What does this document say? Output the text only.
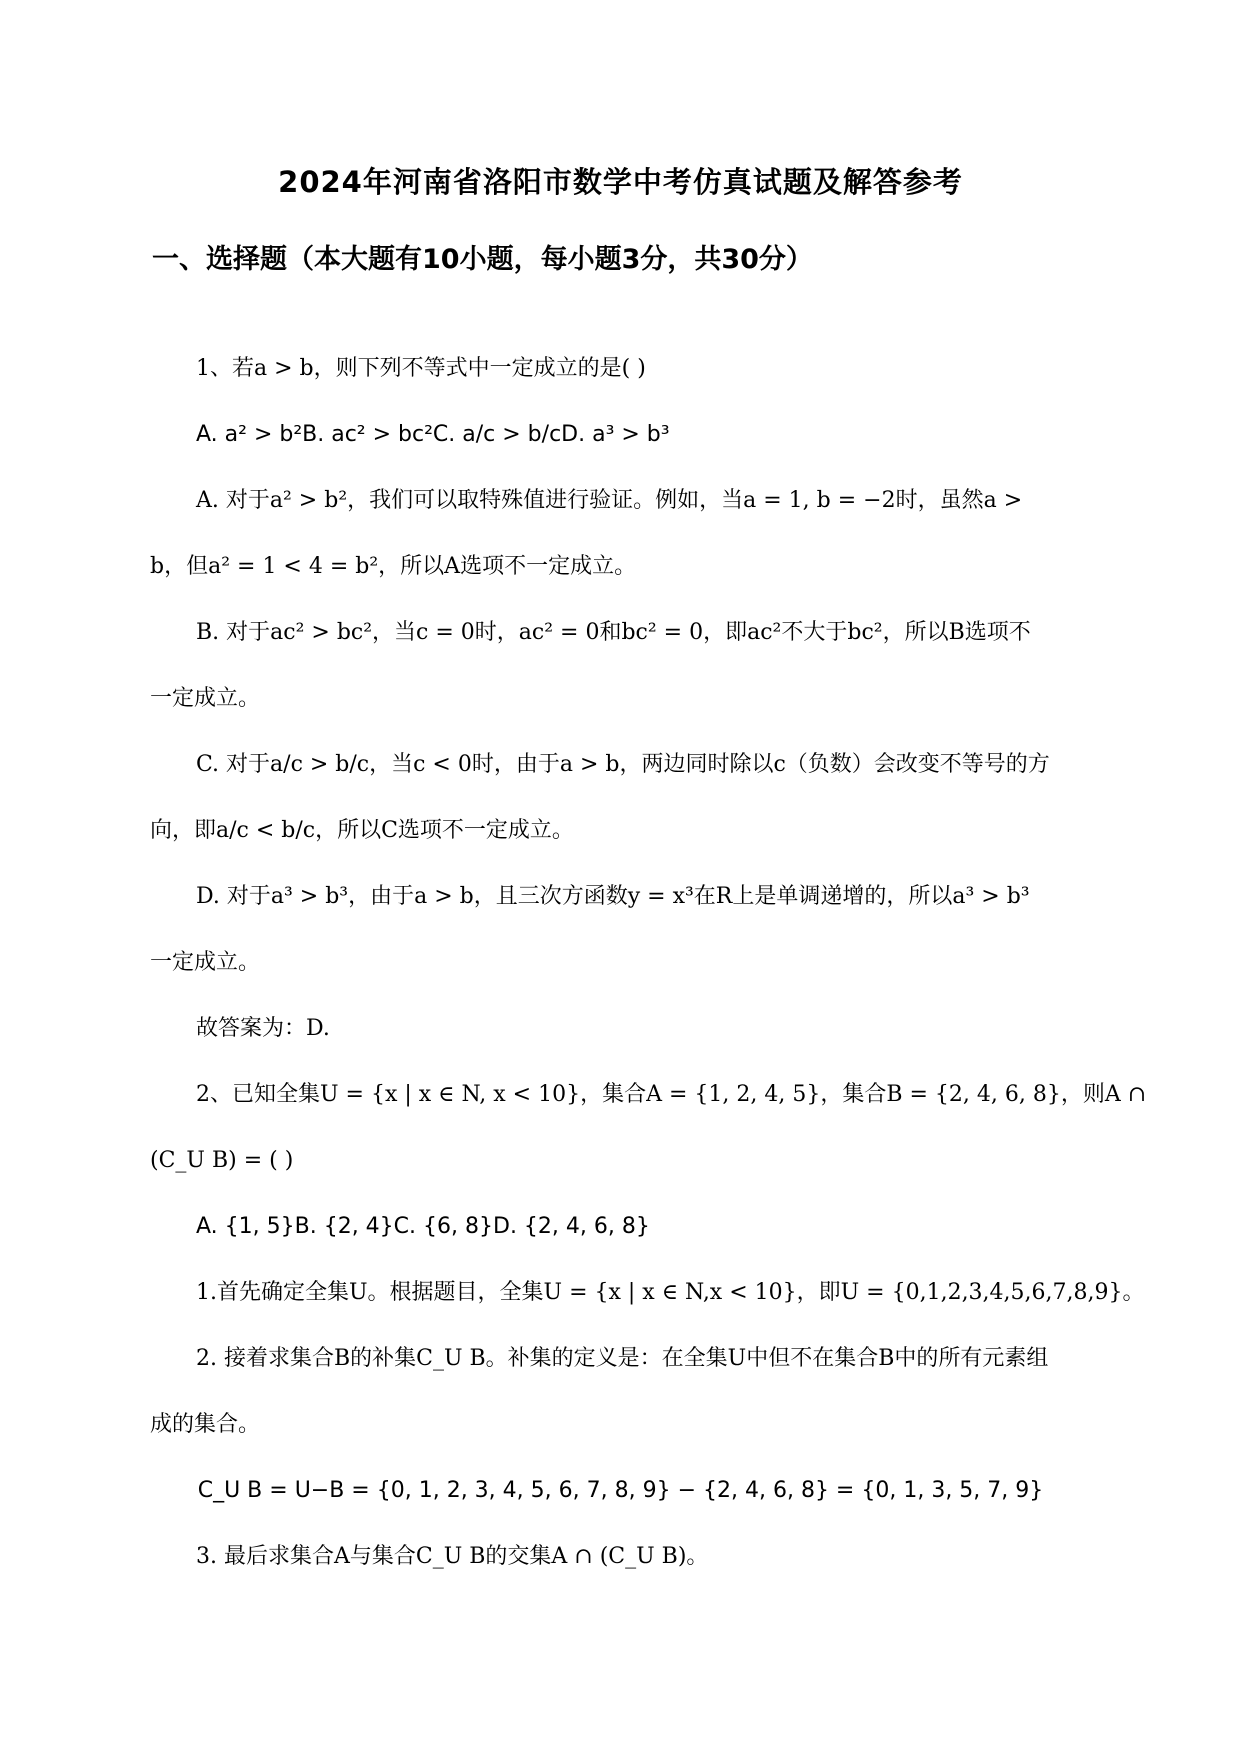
2024年河南省洛阳市数学中考仿真试题及解答参考
一、选择题（本大题有10小题，每小题3分，共30分）
1、若a > b，则下列不等式中一定成立的是( )
A. a² > b²B. ac² > bc²C. a/c > b/cD. a³ > b³
A. 对于a² > b²，我们可以取特殊值进行验证。例如，当a = 1, b = −2时，虽然a >
b，但a² = 1 < 4 = b²，所以A选项不一定成立。
B. 对于ac² > bc²，当c = 0时，ac² = 0和bc² = 0，即ac²不大于bc²，所以B选项不
一定成立。
C. 对于a/c > b/c，当c < 0时，由于a > b，两边同时除以c（负数）会改变不等号的方
向，即a/c < b/c，所以C选项不一定成立。
D. 对于a³ > b³，由于a > b，且三次方函数y = x³在R上是单调递增的，所以a³ > b³
一定成立。
故答案为：D.
2、已知全集U = {x | x ∈ N, x < 10}，集合A = {1, 2, 4, 5}，集合B = {2, 4, 6, 8}，则A ∩
(C_U B) = ( )
A. {1, 5}B. {2, 4}C. {6, 8}D. {2, 4, 6, 8}
1.首先确定全集U。根据题目，全集U = {x | x ∈ N,x < 10}，即U = {0,1,2,3,4,5,6,7,8,9}。
2. 接着求集合B的补集C_U B。补集的定义是：在全集U中但不在集合B中的所有元素组
成的集合。
C_U B = U−B = {0, 1, 2, 3, 4, 5, 6, 7, 8, 9} − {2, 4, 6, 8} = {0, 1, 3, 5, 7, 9}
3. 最后求集合A与集合C_U B的交集A ∩ (C_U B)。
